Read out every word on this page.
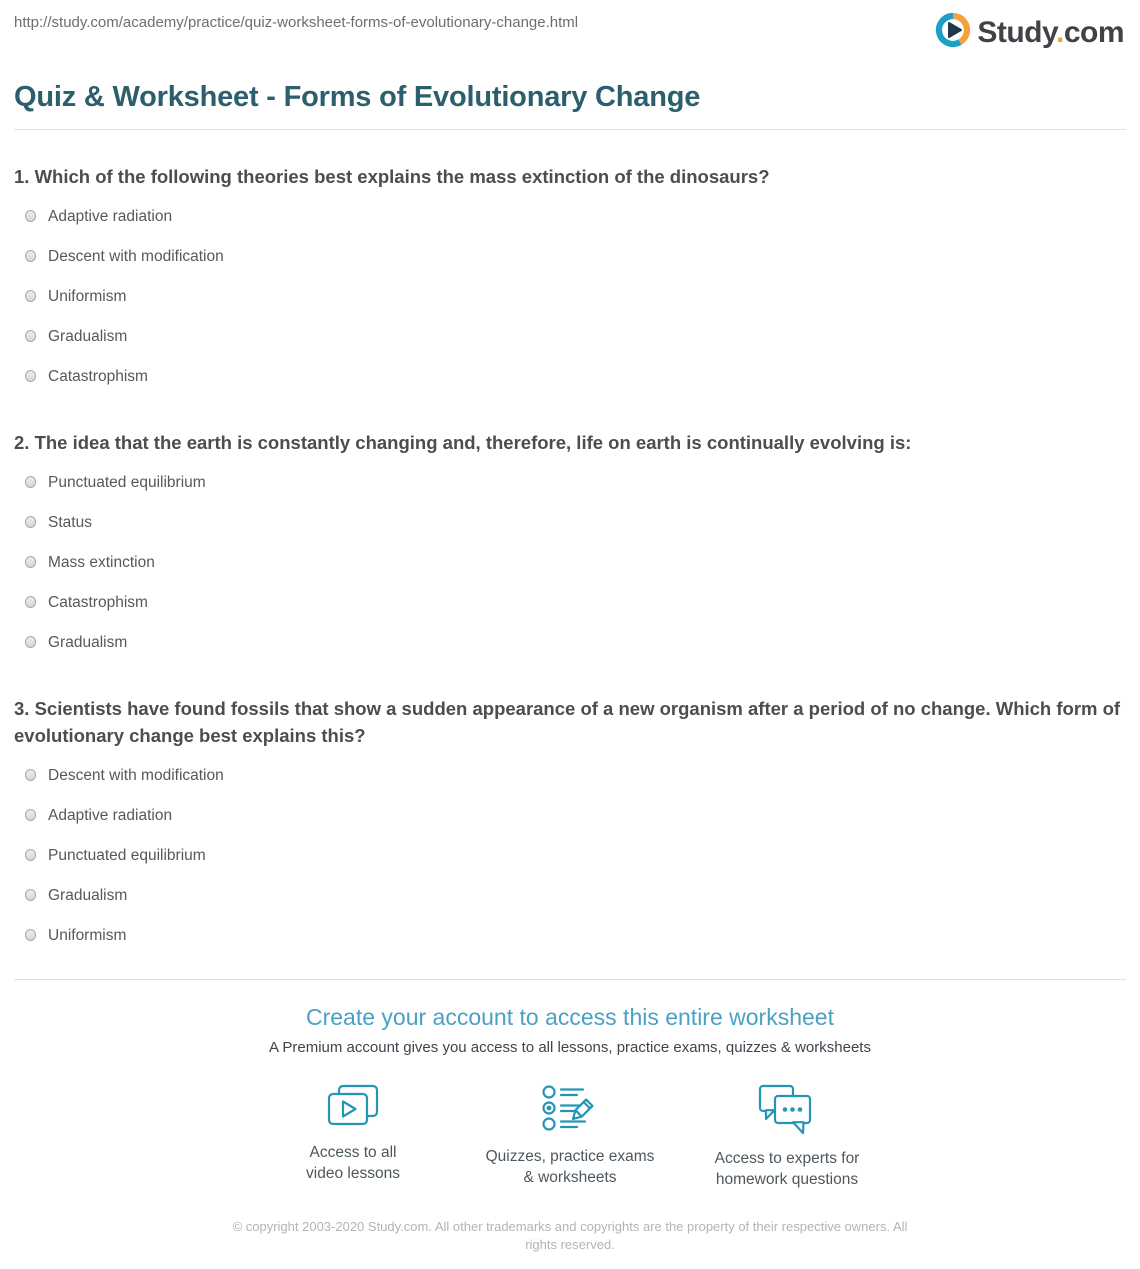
http://study.com/academy/practice/quiz-worksheet-forms-of-evolutionary-change.html	Study.com
Quiz & Worksheet - Forms of Evolutionary Change
1. Which of the following theories best explains the mass extinction of the dinosaurs?
Adaptive radiation
Descent with modification
Uniformism
Gradualism
Catastrophism
2. The idea that the earth is constantly changing and, therefore, life on earth is continually evolving is:
Punctuated equilibrium
Status
Mass extinction
Catastrophism
Gradualism
3. Scientists have found fossils that show a sudden appearance of a new organism after a period of no change. Which form of evolutionary change best explains this?
Descent with modification
Adaptive radiation
Punctuated equilibrium
Gradualism
Uniformism
Create your account to access this entire worksheet
A Premium account gives you access to all lessons, practice exams, quizzes & worksheets
Access to all
video lessons
Quizzes, practice exams
& worksheets
Access to experts for
homework questions
© copyright 2003-2020 Study.com. All other trademarks and copyrights are the property of their respective owners. All rights reserved.
